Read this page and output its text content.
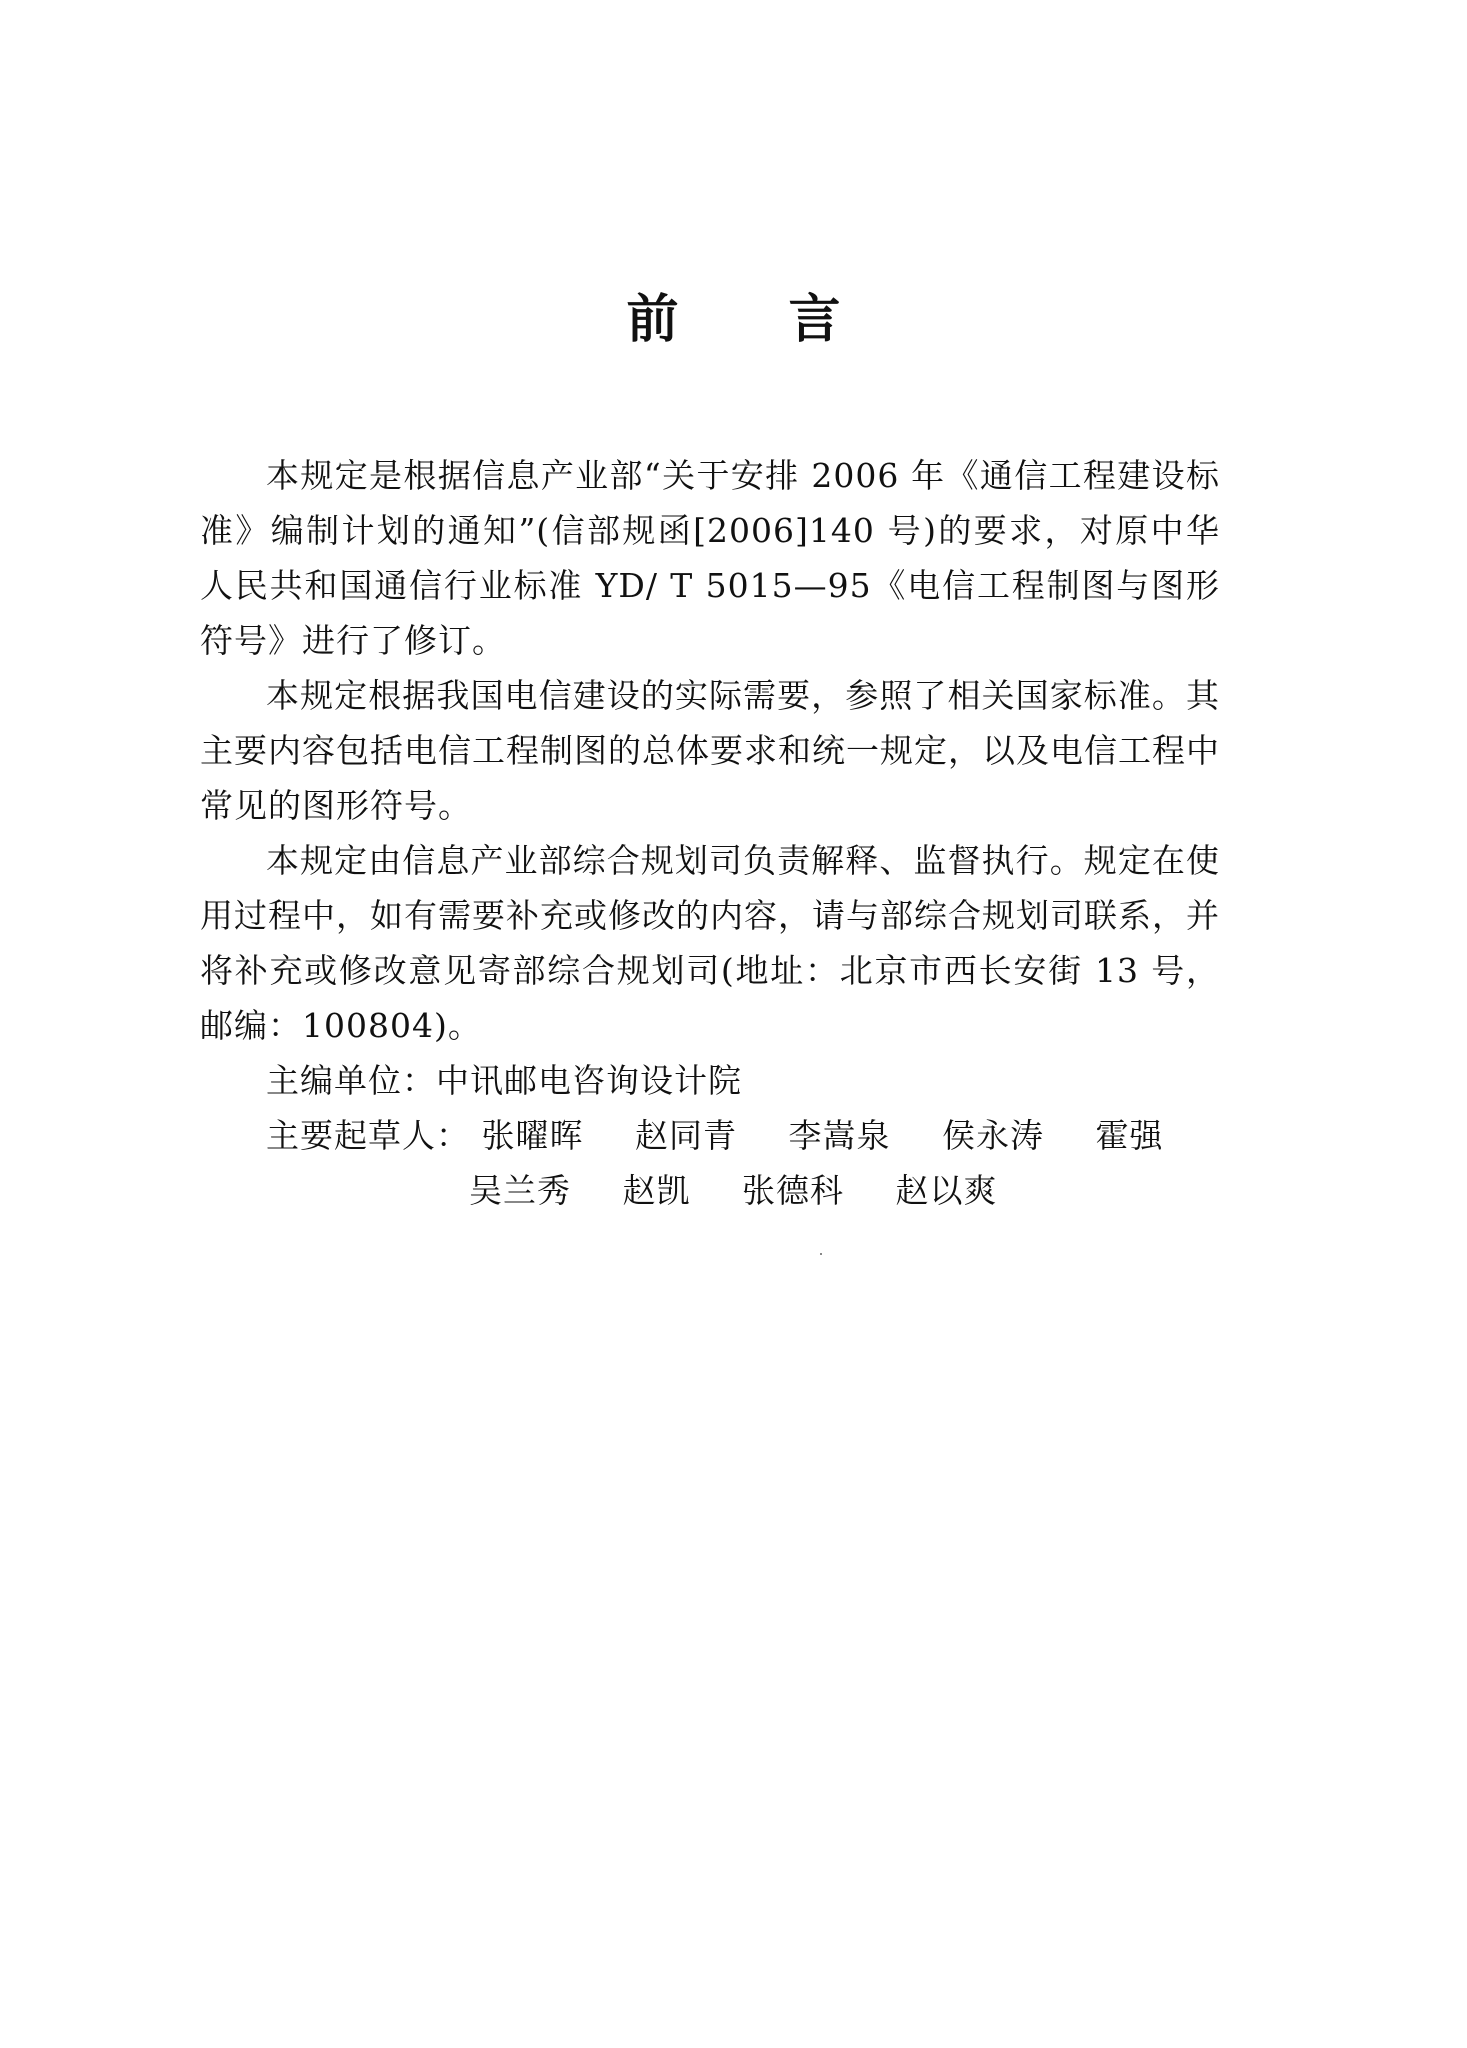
前 言

本规定是根据信息产业部“关于安排 2006 年《通信工程建设标准》编制计划的通知”(信部规函[2006]140 号)的要求，对原中华人民共和国通信行业标准 YD/ T 5015—95《电信工程制图与图形符号》进行了修订。

本规定根据我国电信建设的实际需要，参照了相关国家标准。其主要内容包括电信工程制图的总体要求和统一规定，以及电信工程中常见的图形符号。

本规定由信息产业部综合规划司负责解释、监督执行。规定在使用过程中，如有需要补充或修改的内容，请与部综合规划司联系，并将补充或修改意见寄部综合规划司(地址：北京市西长安街 13 号，邮编：100804)。

主编单位：中讯邮电咨询设计院

主要起草人： 张曜晖 赵同青 李嵩泉 侯永涛 霍强
吴兰秀 赵凯 张德科 赵以爽
